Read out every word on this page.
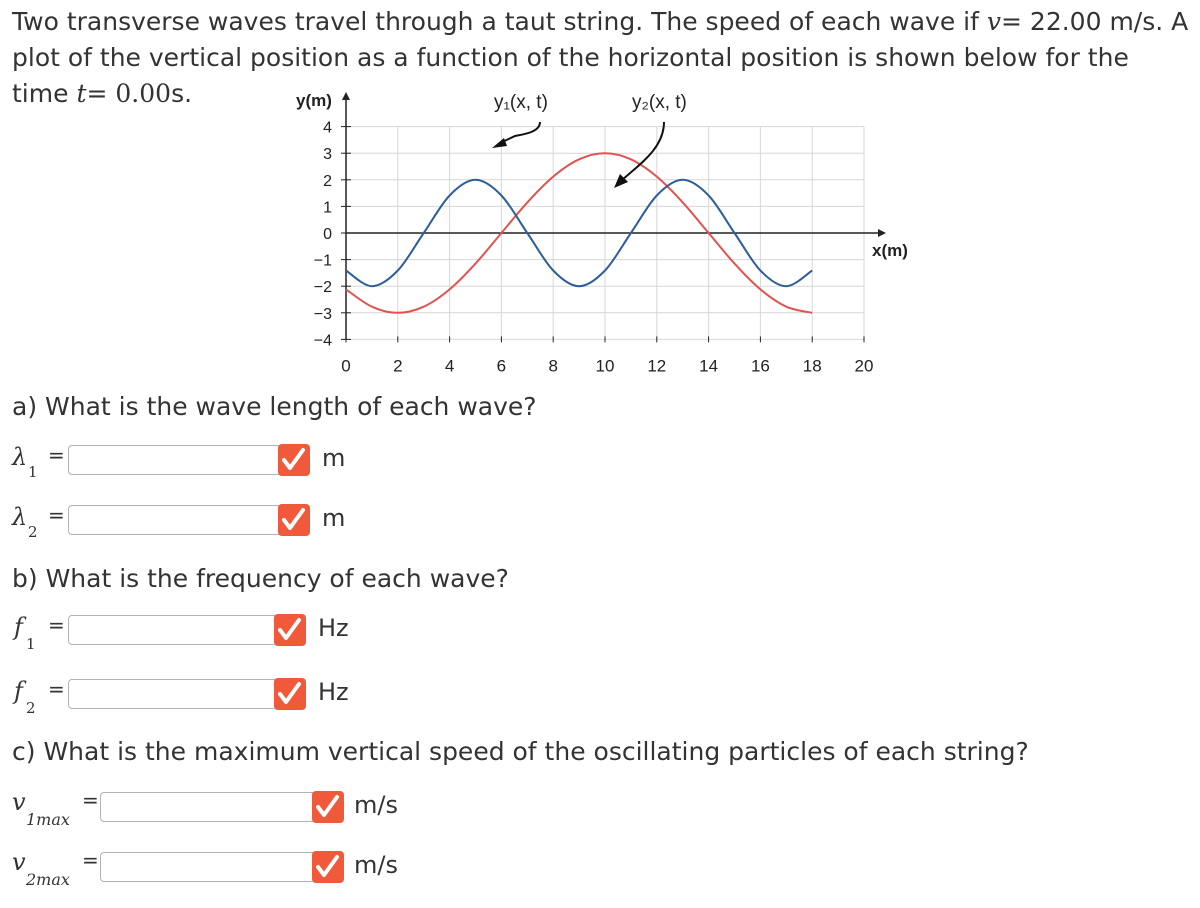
Two transverse waves travel through a taut string. The speed of each wave if v= 22.00 m/s. A plot of the vertical position as a function of the horizontal position is shown below for the time t= 0.00s.
4
3
2
1
0
−1
−2
−3
−4
0 2 4 6 8 10 12 14 16 18 20
y(m)
x(m)
y₁(x, t)	y₂(x, t)
a) What is the wave length of each wave?
λ
1
=	m
λ
2
=	m
b) What is the frequency of each wave?
f
1
=	Hz
f
2
=	Hz
c) What is the maximum vertical speed of the oscillating particles of each string?
v
1max
=	m/s
v
2max
=	m/s
